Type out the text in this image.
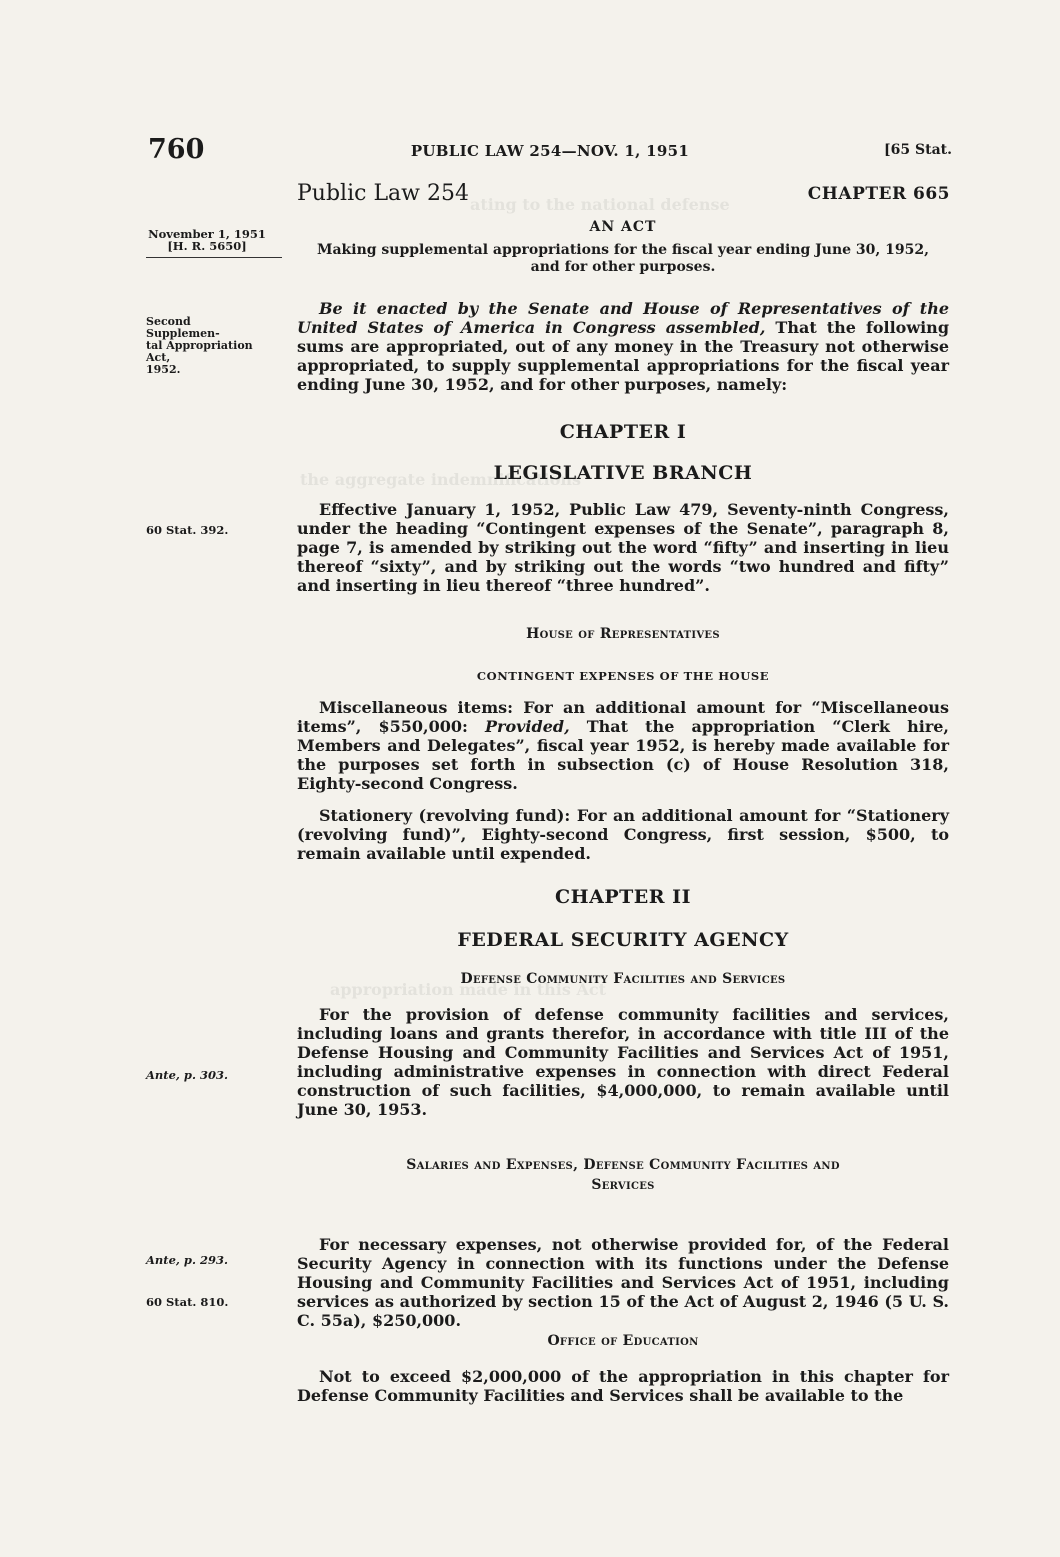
ating to the national defense
the aggregate indemnifications
appropriation made in this Act
760	PUBLIC LAW 254—NOV. 1, 1951	[65 Stat.
Public Law 254	CHAPTER 665
November 1, 1951
[H. R. 5650]
AN ACT
Making supplemental appropriations for the fiscal year ending June 30, 1952,
and for other purposes.
Second Supplemen-
tal Appropriation Act,
1952.

Be it enacted by the Senate and House of Representatives of the United States of America in Congress assembled, That the following sums are appropriated, out of any money in the Treasury not otherwise appropriated, to supply supplemental appropriations for the fiscal year ending June 30, 1952, and for other purposes, namely:

CHAPTER I
LEGISLATIVE BRANCH
60 Stat. 392.

Effective January 1, 1952, Public Law 479, Seventy-ninth Congress, under the heading “Contingent expenses of the Senate”, paragraph 8, page 7, is amended by striking out the word “fifty” and inserting in lieu thereof “sixty”, and by striking out the words “two hundred and fifty” and inserting in lieu thereof “three hundred”.

House of Representatives
CONTINGENT EXPENSES OF THE HOUSE

Miscellaneous items: For an additional amount for “Miscellaneous items”, $550,000: Provided, That the appropriation “Clerk hire, Members and Delegates”, fiscal year 1952, is hereby made available for the purposes set forth in subsection (c) of House Resolution 318, Eighty-second Congress.

Stationery (revolving fund): For an additional amount for “Stationery (revolving fund)”, Eighty-second Congress, first session, $500, to remain available until expended.

CHAPTER II
FEDERAL SECURITY AGENCY
Defense Community Facilities and Services
Ante, p. 303.

For the provision of defense community facilities and services, including loans and grants therefor, in accordance with title III of the Defense Housing and Community Facilities and Services Act of 1951, including administrative expenses in connection with direct Federal construction of such facilities, $4,000,000, to remain available until June 30, 1953.

Salaries and Expenses, Defense Community Facilities and
Services
Ante, p. 293.
60 Stat. 810.

For necessary expenses, not otherwise provided for, of the Federal Security Agency in connection with its functions under the Defense Housing and Community Facilities and Services Act of 1951, including services as authorized by section 15 of the Act of August 2, 1946 (5 U. S. C. 55a), $250,000.

Office of Education

Not to exceed $2,000,000 of the appropriation in this chapter for Defense Community Facilities and Services shall be available to the
